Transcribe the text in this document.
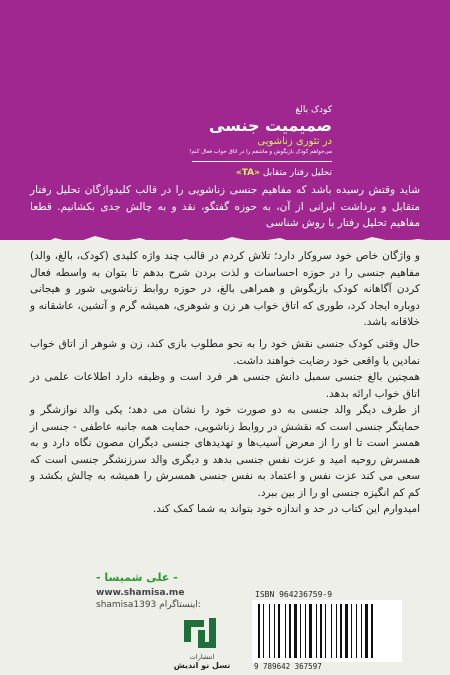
کودک بالغ
صمیمیت جنسی
در تئوری زناشویی
می‌خواهم کودک بازیگوش و ماشقم را در اتاق خواب فعال کنم!
تحلیل رفتار متقابل «TA»
شاید وقتش رسیده باشد که مفاهیم جنسی زناشویی را در قالب کلیدواژگان تحلیل رفتار متقابل و برداشت ایرانی از آن، به حوزه گفتگو، نقد و به چالش جدی بکشانیم. قطعا مفاهیم تحلیل رفتار با روش شناسی
و واژگان خاص خود سروکار دارد؛ تلاش کردم در قالب چند واژه کلیدی (کودک، بالغ، والد) مفاهیم جنسی را در حوزه احساسات و لذت بردن شرح بدهم تا بتوان به واسطه فعال کردن آگاهانه کودک بازیگوش و همراهی بالغ، در حوزه روابط زناشویی شور و هیجانی دوباره ایجاد کرد، طوری که اتاق خواب هر زن و شوهری، همیشه گرم و آتشین، عاشقانه و خلاقانه باشد.
حال وقتی کودک جنسی نقش خود را به نحو مطلوب بازی کند، زن و شوهر از اتاق خواب نمادین یا واقعی خود رضایت خواهند داشت.
همچنین بالغ جنسی سمبل دانش جنسی هر فرد است و وظیفه دارد اطلاعات علمی در اتاق خواب ارائه بدهد.
از طرف دیگر والد جنسی به دو صورت خود را نشان می دهد؛ یکی والد نوازشگر و حمایتگر جنسی است که نقشش در روابط زناشویی، حمایت همه جانبه عاطفی - جنسی از همسر است تا او را از معرض آسیب‌ها و تهدیدهای جنسی دیگران مصون نگاه دارد و به همسرش روحیه امید و عزت نفس جنسی بدهد و دیگری والد سرزنشگر جنسی است که سعی می کند عزت نفس و اعتماد به نفس جنسی همسرش را همیشه به چالش بکشد و کم کم انگیزه جنسی او را از بین ببرد.
امیدوارم این کتاب در حد و اندازه خود بتواند به شما کمک کند.
- علی شمیسا -
www.shamisa.me
shamisa1393 اینستاگرام:
انتشارات
نسل نو اندیش
ISBN 964236759-9
9 789642 367597
